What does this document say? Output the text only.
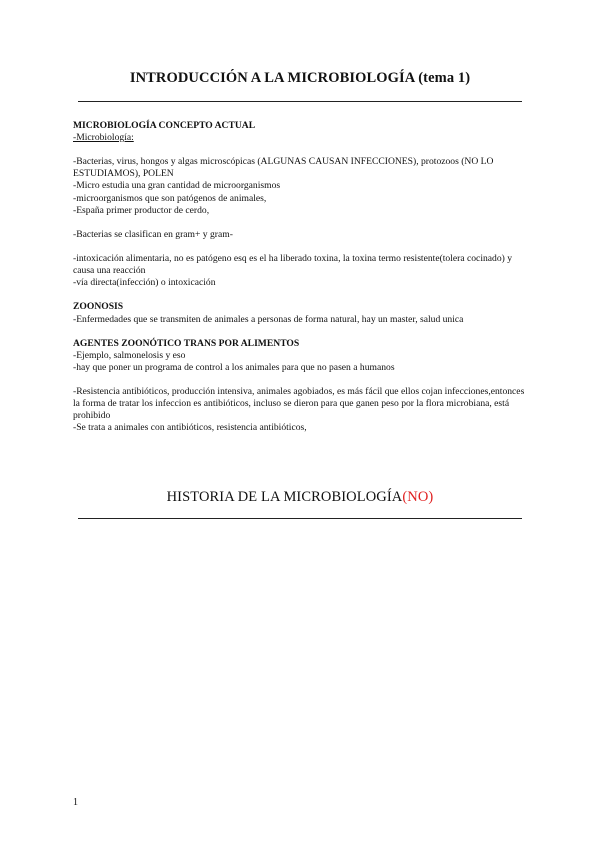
INTRODUCCIÓN A LA MICROBIOLOGÍA (tema 1)

MICROBIOLOGÍA CONCEPTO ACTUAL

-Microbiología:

-Bacterias, virus, hongos y algas microscópicas (ALGUNAS CAUSAN INFECCIONES), protozoos (NO LO ESTUDIAMOS), POLEN

-Micro estudia una gran cantidad de microorganismos

-microorganismos que son patógenos de animales,

-España primer productor de cerdo,

-Bacterias se clasifican en gram+ y gram-

-intoxicación alimentaria, no es patógeno esq es el ha liberado toxina, la toxina termo resistente(tolera cocinado) y causa una reacción

-vía directa(infección) o intoxicación

ZOONOSIS

-Enfermedades que se transmiten de animales a personas de forma natural, hay un master, salud unica

AGENTES ZOONÓTICO TRANS POR ALIMENTOS

-Ejemplo, salmonelosis y eso

-hay que poner un programa de control a los animales para que no pasen a humanos

-Resistencia antibióticos, producción intensiva, animales agobiados, es más fácil que ellos cojan infecciones,entonces la forma de tratar los infeccion es antibióticos, incluso se dieron para que ganen peso por la flora microbiana, está prohibido

-Se trata a animales con antibióticos, resistencia antibióticos,

HISTORIA DE LA MICROBIOLOGÍA(NO)
1
